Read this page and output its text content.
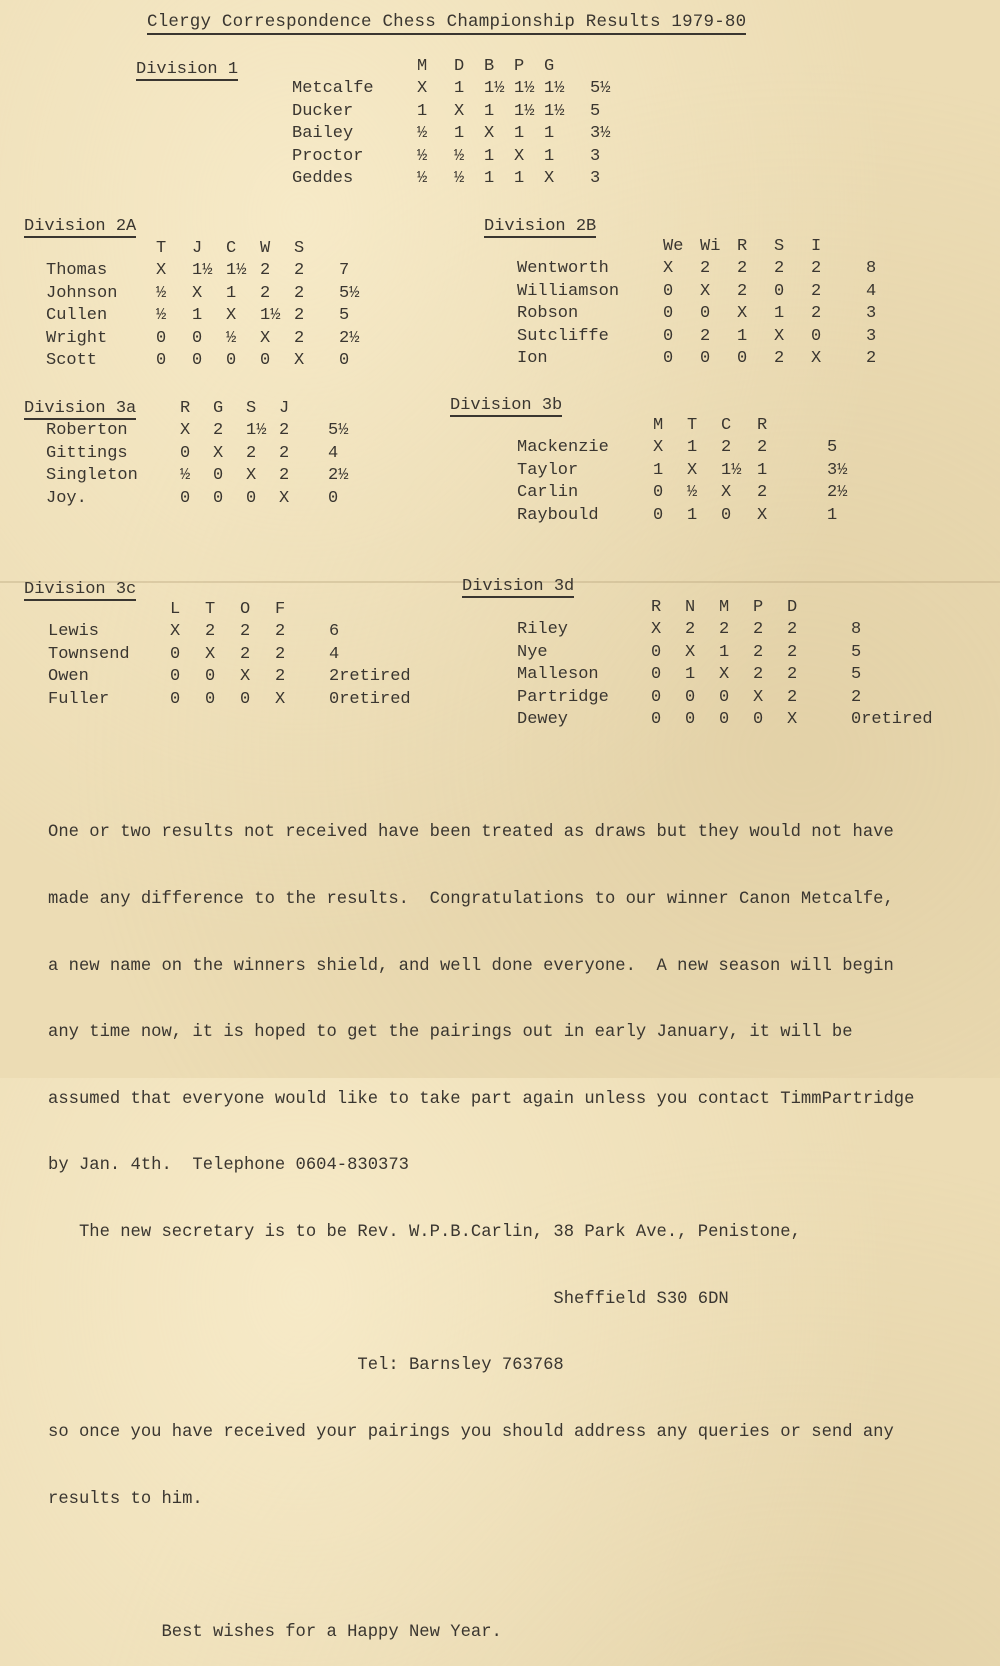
Clergy Correspondence Chess Championship Results 1979-80
Division 1
Division 2A	Division 2B
Division 3a	Division 3b
Division 3c	Division 3d
	M	D	B	P	G		
Metcalfe	X	1	1½	1½	1½	5½	
Ducker	1	X	1	1½	1½	5	
Bailey	½	1	X	1	1	3½	
Proctor	½	½	1	X	1	3	
Geddes	½	½	1	1	X	3	
	T	J	C	W	S		
Thomas	X	1½	1½	2	2	7	
Johnson	½	X	1	2	2	5½	
Cullen	½	1	X	1½	2	5	
Wright	0	0	½	X	2	2½	
Scott	0	0	0	0	X	0	
	We	Wi	R	S	I		
Wentworth	X	2	2	2	2	8	
Williamson	0	X	2	0	2	4	
Robson	0	0	X	1	2	3	
Sutcliffe	0	2	1	X	0	3	
Ion	0	0	0	2	X	2	
	R	G	S	J		
Roberton	X	2	1½	2	5½	
Gittings	0	X	2	2	4	
Singleton	½	0	X	2	2½	
Joy.	0	0	0	X	0	
	M	T	C	R		
Mackenzie	X	1	2	2	5	
Taylor	1	X	1½	1	3½	
Carlin	0	½	X	2	2½	
Raybould	0	1	0	X	1	
	L	T	O	F		
Lewis	X	2	2	2	6	
Townsend	0	X	2	2	4	
Owen	0	0	X	2	2	retired
Fuller	0	0	0	X	0	retired
	R	N	M	P	D		
Riley	X	2	2	2	2	8	
Nye	0	X	1	2	2	5	
Malleson	0	1	X	2	2	5	
Partridge	0	0	0	X	2	2	
Dewey	0	0	0	0	X	0	retired

One or two results not received have been treated as draws but they would not have

made any difference to the results.  Congratulations to our winner Canon Metcalfe,

a new name on the winners shield, and well done everyone.  A new season will begin

any time now, it is hoped to get the pairings out in early January, it will be

assumed that everyone would like to take part again unless you contact TimmPartridge

by Jan. 4th.  Telephone 0604-830373

The new secretary is to be Rev. W.P.B.Carlin, 38 Park Ave., Penistone,

Sheffield S30 6DN

Tel: Barnsley 763768

so once you have received your pairings you should address any queries or send any

results to him.

Best wishes for a Happy New Year.
